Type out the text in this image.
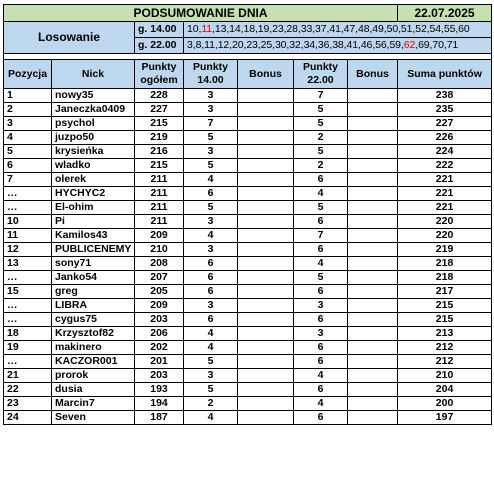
PODSUMOWANIE DNIA							22.07.2025
Losowanie		g. 14.00	10,11,13,14,18,19,23,28,33,37,41,47,48,49,50,51,52,54,55,60				
		g. 22.00	3,8,11,12,20,23,25,30,32,34,36,38,41,46,56,59,62,69,70,71				

Pozycja	Nick	Punkty ogółem	Punkty 14.00	Bonus	Punkty 22.00	Bonus	Suma punktów
1	nowy35	228	3		7		238
2	Janeczka0409	227	3		5		235
3	psychol	215	7		5		227
4	juzpo50	219	5		2		226
5	krysieńka	216	3		5		224
6	wladko	215	5		2		222
7	olerek	211	4		6		221
…	HYCHYC2	211	6		4		221
…	El-ohim	211	5		5		221
10	Pi	211	3		6		220
11	Kamilos43	209	4		7		220
12	PUBLICENEMY	210	3		6		219
13	sony71	208	6		4		218
…	Janko54	207	6		5		218
15	greg	205	6		6		217
…	LIBRA	209	3		3		215
…	cygus75	203	6		6		215
18	Krzysztof82	206	4		3		213
19	makinero	202	4		6		212
…	KACZOR001	201	5		6		212
21	prorok	203	3		4		210
22	dusia	193	5		6		204
23	Marcin7	194	2		4		200
24	Seven	187	4		6		197
